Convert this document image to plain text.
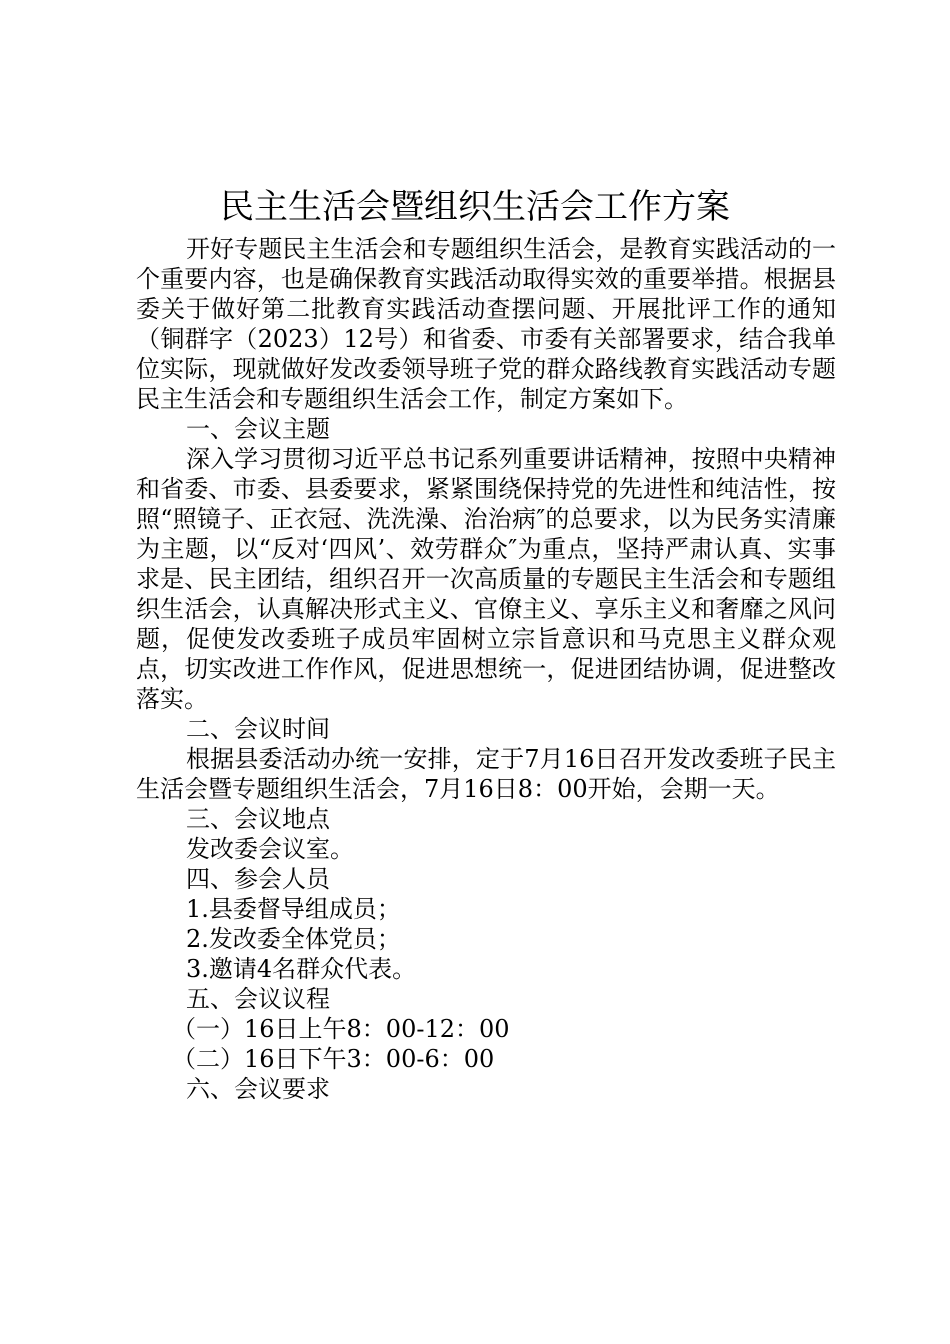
民主生活会暨组织生活会工作方案

开好专题民主生活会和专题组织生活会，是教育实践活动的一个重要内容，也是确保教育实践活动取得实效的重要举措。根据县委关于做好第二批教育实践活动查摆问题、开展批评工作的通知（铜群字（2023）12号）和省委、市委有关部署要求，结合我单位实际，现就做好发改委领导班子党的群众路线教育实践活动专题民主生活会和专题组织生活会工作，制定方案如下。

一、会议主题

深入学习贯彻习近平总书记系列重要讲话精神，按照中央精神和省委、市委、县委要求，紧紧围绕保持党的先进性和纯洁性，按照“照镜子、正衣冠、洗洗澡、治治病″的总要求，以为民务实清廉为主题，以“反对‘四风’、效劳群众″为重点，坚持严肃认真、实事求是、民主团结，组织召开一次高质量的专题民主生活会和专题组织生活会，认真解决形式主义、官僚主义、享乐主义和奢靡之风问题，促使发改委班子成员牢固树立宗旨意识和马克思主义群众观点，切实改进工作作风，促进思想统一，促进团结协调，促进整改落实。

二、会议时间

根据县委活动办统一安排，定于7月16日召开发改委班子民主生活会暨专题组织生活会，7月16日8：00开始，会期一天。

三、会议地点

发改委会议室。

四、参会人员

1.县委督导组成员；

2.发改委全体党员；

3.邀请4名群众代表。

五、会议议程

（一）16日上午8：00-12：00

（二）16日下午3：00-6：00

六、会议要求
